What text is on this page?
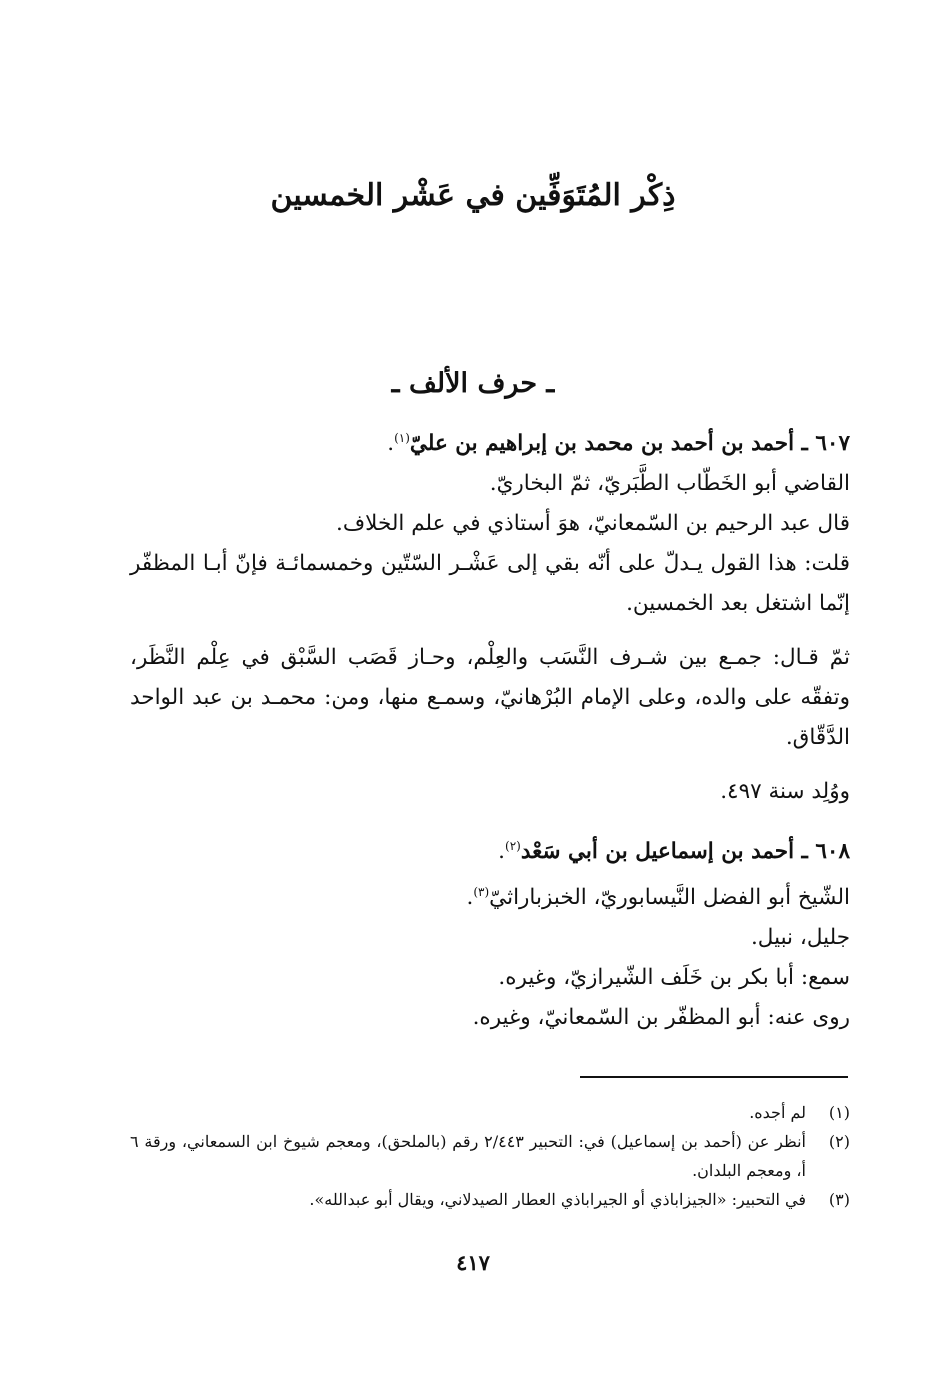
ذِكْر المُتَوَفِّين في عَشْر الخمسين
ـ حرف الألف ـ

٦٠٧ ـ أحمد بن أحمد بن محمد بن إبراهيم بن عليّ$^{(١)}$.

القاضي أبو الخَطّاب الطَّبَريّ، ثمّ البخاريّ.

قال عبد الرحيم بن السّمعانيّ، هوَ أستاذي في علم الخلاف.

قلت: هذا القول يـدلّ على أنّه بقي إلى عَشْـر السّتّين وخمسمائـة فإنّ أبـا المظفّر إنّما اشتغل بعد الخمسين.

ثمّ قـال: جمـع بين شـرف النَّسَب والعِلْم، وحـاز قَصَب السَّبْق في عِلْم النَّظَر، وتفقّه على والده، وعلى الإمام البُرْهانيّ، وسمـع منها، ومن: محمـد بن عبد الواحد الدَّقّاق.

ووُلِد سنة ٤٩٧.

٦٠٨ ـ أحمد بن إسماعيل بن أبي سَعْد$^{(٢)}$.

الشّيخ أبو الفضل النَّيسابوريّ، الخبزباراثيّ$^{(٣)}$.

جليل، نبيل.

سمع: أبا بكر بن خَلَف الشّيرازيّ، وغيره.

روى عنه: أبو المظفّر بن السّمعانيّ، وغيره.

(١)
لم أجده.
(٢)
أنظر عن (أحمد بن إسماعيل) في: التحبير ٢/٤٤٣ رقم (بالملحق)، ومعجم شيوخ ابن السمعاني، ورقة ٦ أ، ومعجم البلدان.
(٣)
في التحبير: «الجيزاباذي أو الجيراباذي العطار الصيدلاني، ويقال أبو عبدالله».
٤١٧
